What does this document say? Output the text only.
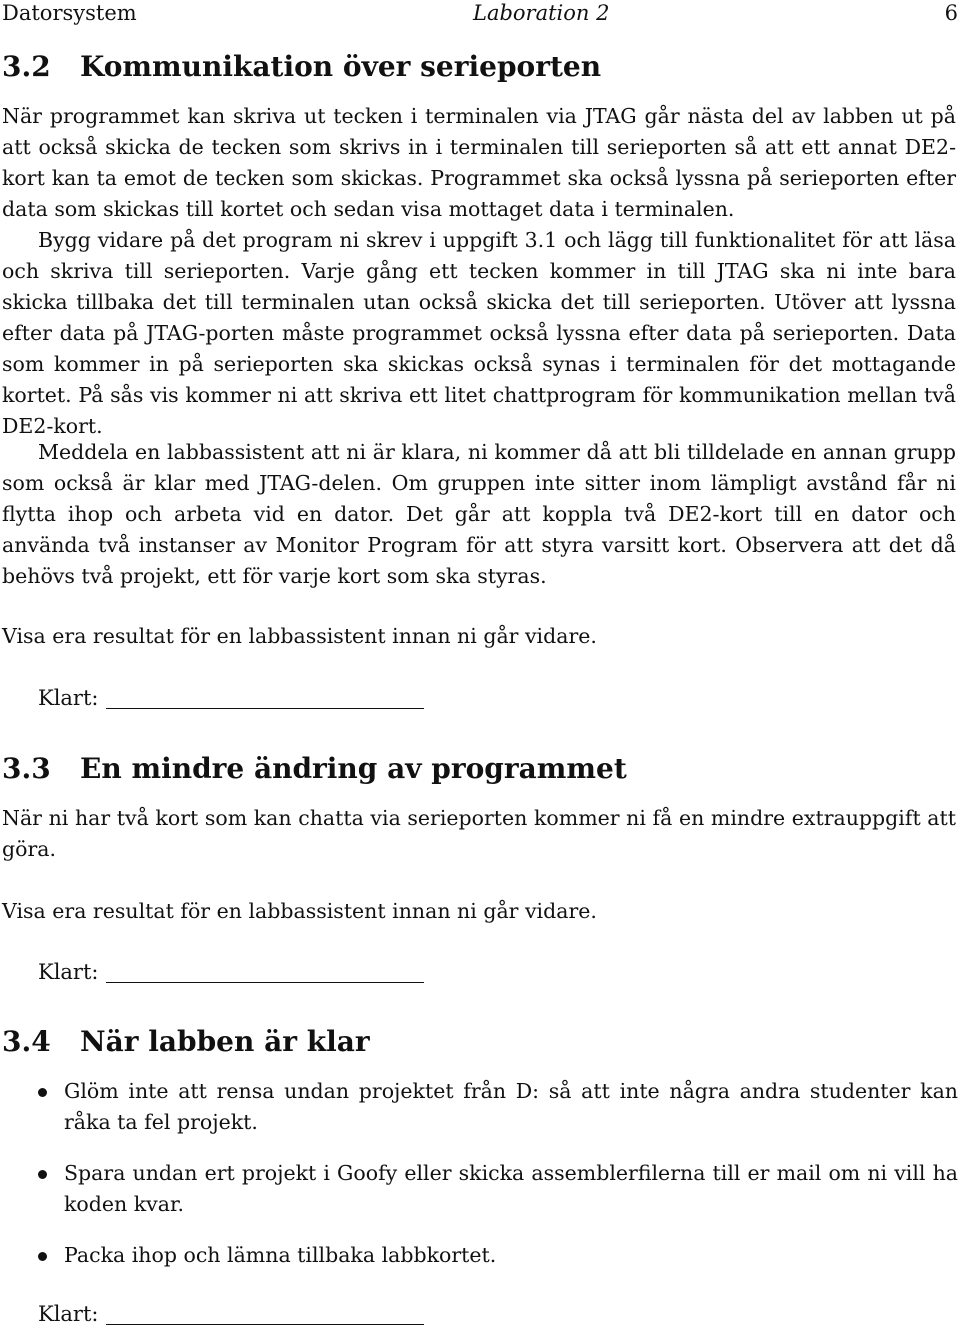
Datorsystem	Laboration 2	6
3.2 Kommunikation över serieporten

När programmet kan skriva ut tecken i terminalen via JTAG går nästa del av labben ut på att också skicka de tecken som skrivs in i terminalen till serieporten så att ett annat DE2-kort kan ta emot de tecken som skickas. Programmet ska också lyssna på serieporten efter data som skickas till kortet och sedan visa mottaget data i terminalen.

Bygg vidare på det program ni skrev i uppgift 3.1 och lägg till funktionalitet för att läsa och skriva till serieporten. Varje gång ett tecken kommer in till JTAG ska ni inte bara skicka tillbaka det till terminalen utan också skicka det till serieporten. Utöver att lyssna efter data på JTAG-porten måste programmet också lyssna efter data på serieporten. Data som kommer in på serieporten ska skickas också synas i terminalen för det mottagande kortet. På sås vis kommer ni att skriva ett litet chattprogram för kommunikation mellan två DE2-kort.

Meddela en labbassistent att ni är klara, ni kommer då att bli tilldelade en annan grupp som också är klar med JTAG-delen. Om gruppen inte sitter inom lämpligt avstånd får ni flytta ihop och arbeta vid en dator. Det går att koppla två DE2-kort till en dator och använda två instanser av Monitor Program för att styra varsitt kort. Observera att det då behövs två projekt, ett för varje kort som ska styras.

Visa era resultat för en labbassistent innan ni går vidare.

Klart:
3.3 En mindre ändring av programmet

När ni har två kort som kan chatta via serieporten kommer ni få en mindre extrauppgift att göra.

Visa era resultat för en labbassistent innan ni går vidare.

Klart:
3.4 När labben är klar

Glöm inte att rensa undan projektet från D: så att inte några andra studenter kan råka ta fel projekt.

Spara undan ert projekt i Goofy eller skicka assemblerfilerna till er mail om ni vill ha koden kvar.

Packa ihop och lämna tillbaka labbkortet.

Klart:
